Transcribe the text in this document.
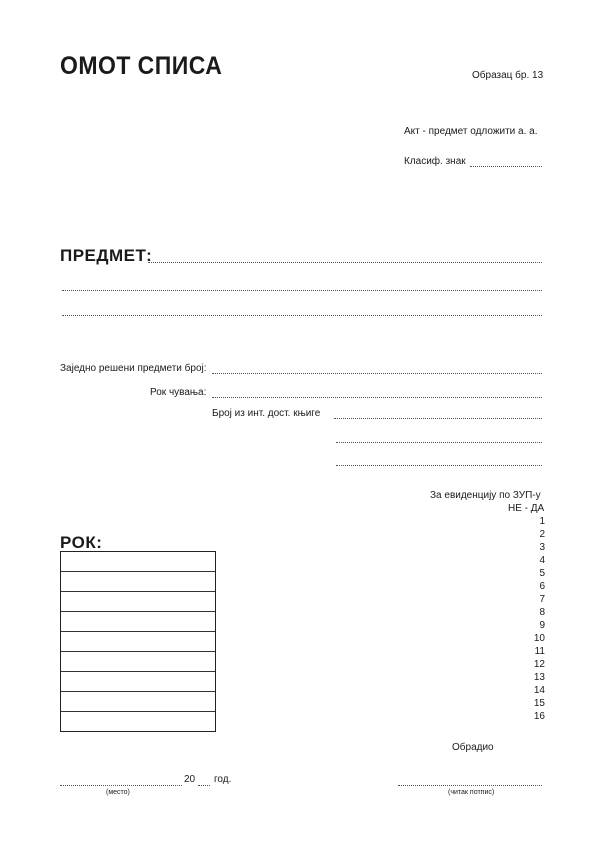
ОМОТ СПИСА	Образац бр. 13
Акт - предмет одложити а. а.
Класиф. знак
ПРЕДМЕТ:
Заједно решени предмети број:
Рок чувања:
Број из инт. дост. књиге
За евиденцију по ЗУП-у
НЕ - ДА
1
2
3
4
5
6
7
8
9
10
11
12
13
14
15
16
РОК:
Обрадио
20 год.
(место)	(читак потпис)
